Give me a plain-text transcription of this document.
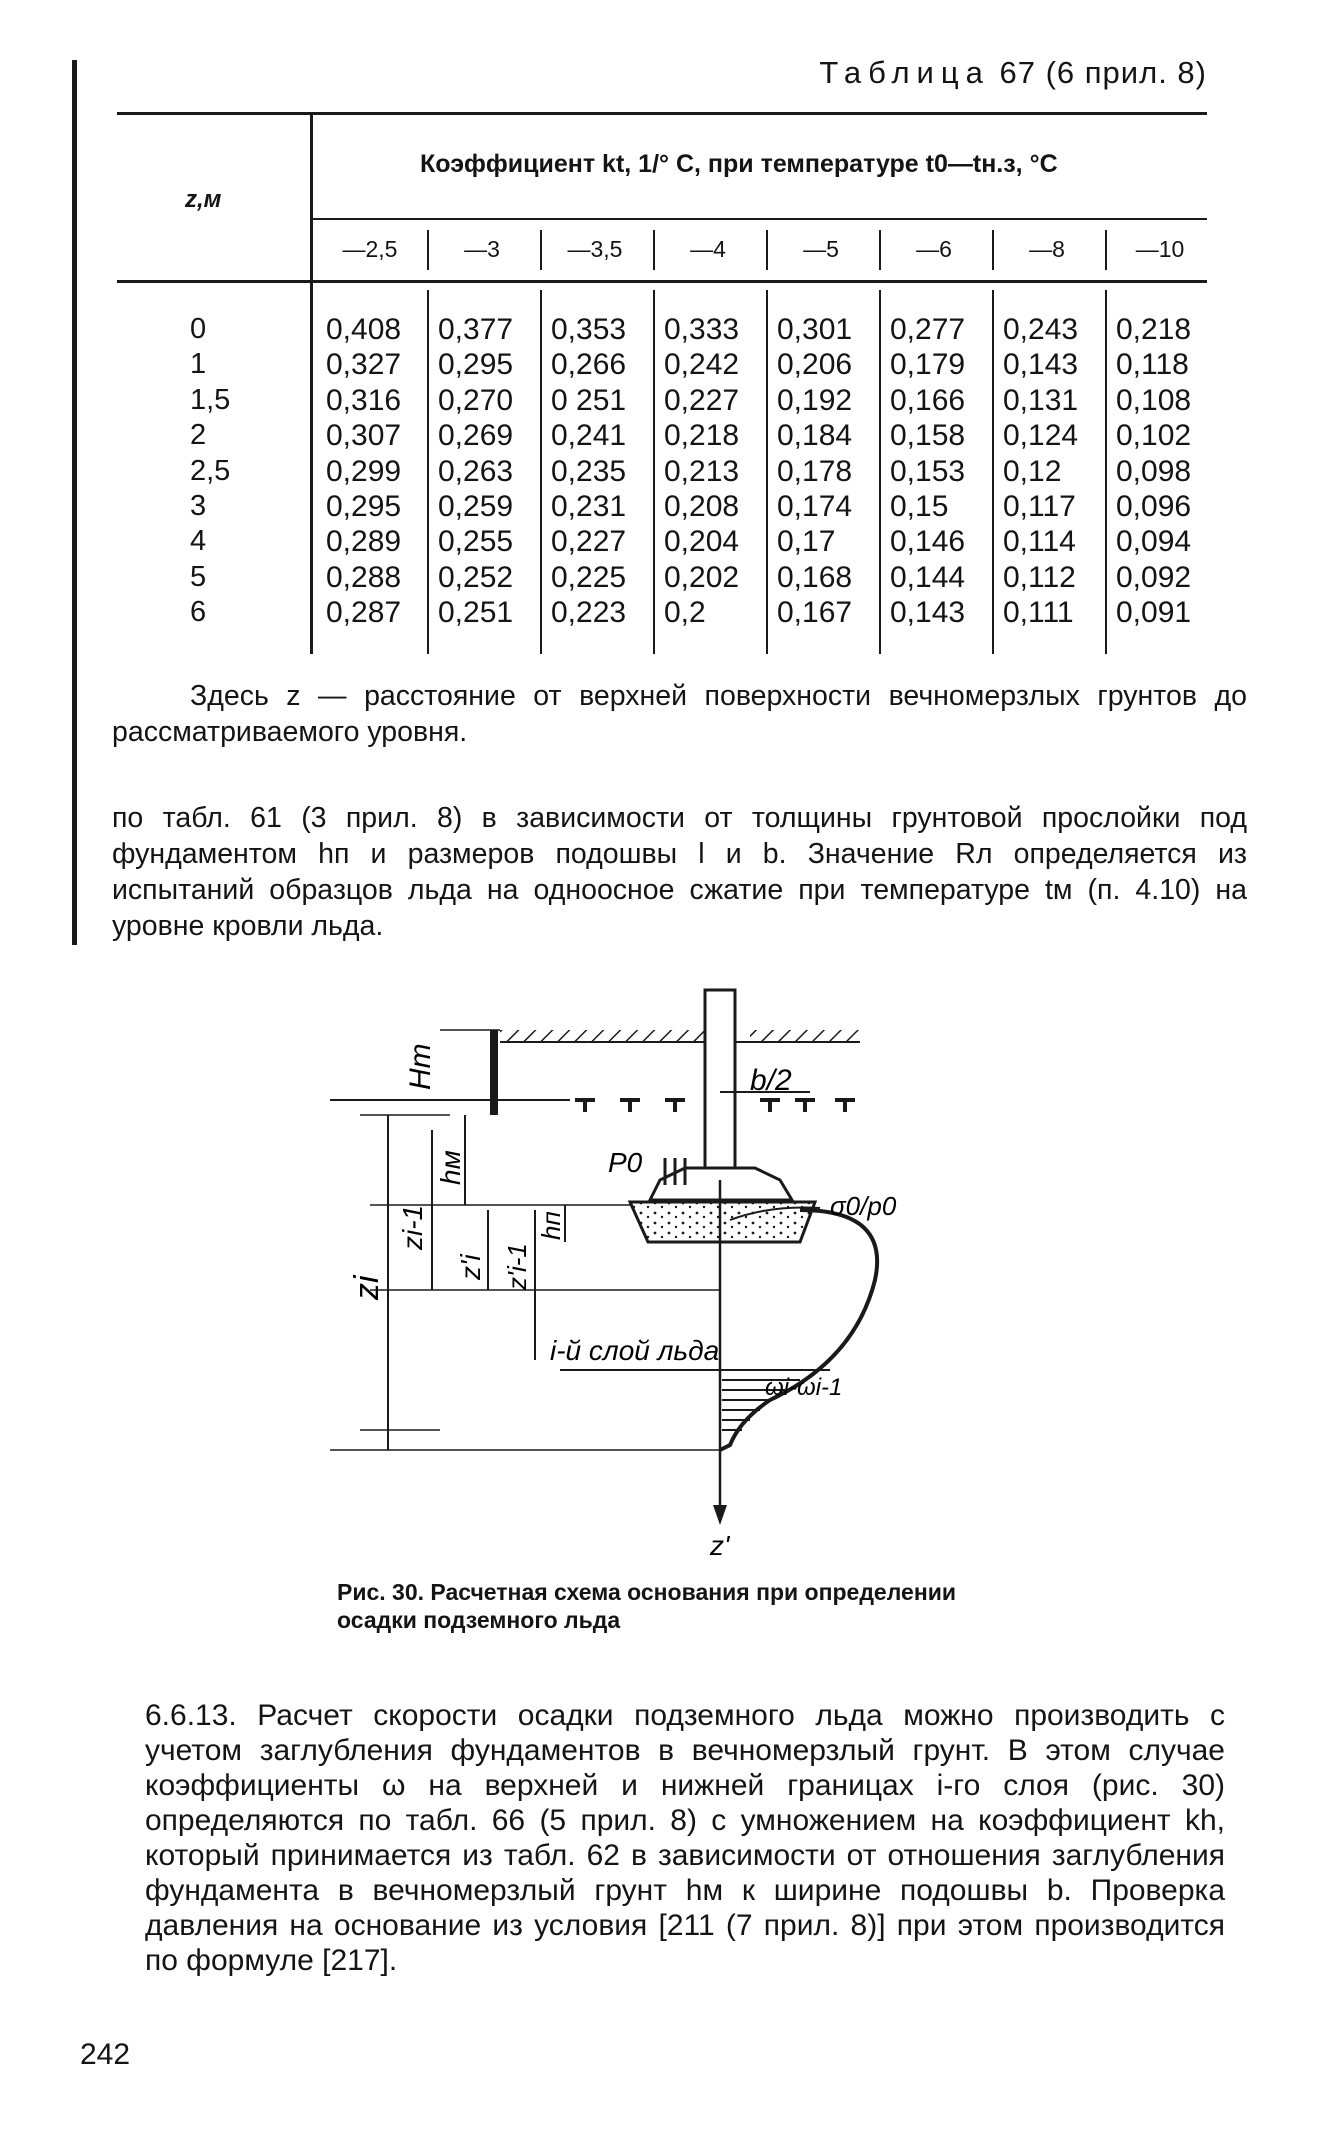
Таблица 67 (6 прил. 8)
z,м
Коэффициент kt, 1/° С, при температуре t0—tн.з, °С
—2,5	—3	—3,5	—4	—5	—6	—8	—10
0	0,408	0,377	0,353	0,333	0,301	0,277	0,243	0,218
1	0,327	0,295	0,266	0,242	0,206	0,179	0,143	0,118
1,5	0,316	0,270	0 251	0,227	0,192	0,166	0,131	0,108
2	0,307	0,269	0,241	0,218	0,184	0,158	0,124	0,102
2,5	0,299	0,263	0,235	0,213	0,178	0,153	0,12	0,098
3	0,295	0,259	0,231	0,208	0,174	0,15	0,117	0,096
4	0,289	0,255	0,227	0,204	0,17	0,146	0,114	0,094
5	0,288	0,252	0,225	0,202	0,168	0,144	0,112	0,092
6	0,287	0,251	0,223	0,2	0,167	0,143	0,111	0,091
Здесь z — расстояние от верхней поверхности вечномерзлых грунтов до рассматриваемого уровня.
по табл. 61 (3 прил. 8) в зависимости от толщины грунтовой прослойки под фундаментом hп и размеров подошвы l и b. Значение Rл определяется из испытаний образцов льда на одноосное сжатие при температуре tм (п. 4.10) на уровне кровли льда.
Hт	b/2
hм	P0
hп
σ0/p0
zi
zi-1
z'i z'i-1
i-й слой льда
ωi-ωi-1
z'
Рис. 30. Расчетная схема основания при определении осадки подземного льда
6.6.13. Расчет скорости осадки подземного льда можно производить с учетом заглубления фундаментов в вечномерзлый грунт. В этом случае коэффициенты ω на верхней и нижней границах i-го слоя (рис. 30) определяются по табл. 66 (5 прил. 8) с умножением на коэффициент kh, который принимается из табл. 62 в зависимости от отношения заглубления фундамента в вечномерзлый грунт hм к ширине подошвы b. Проверка давления на основание из условия [211 (7 прил. 8)] при этом производится по формуле [217].
242
